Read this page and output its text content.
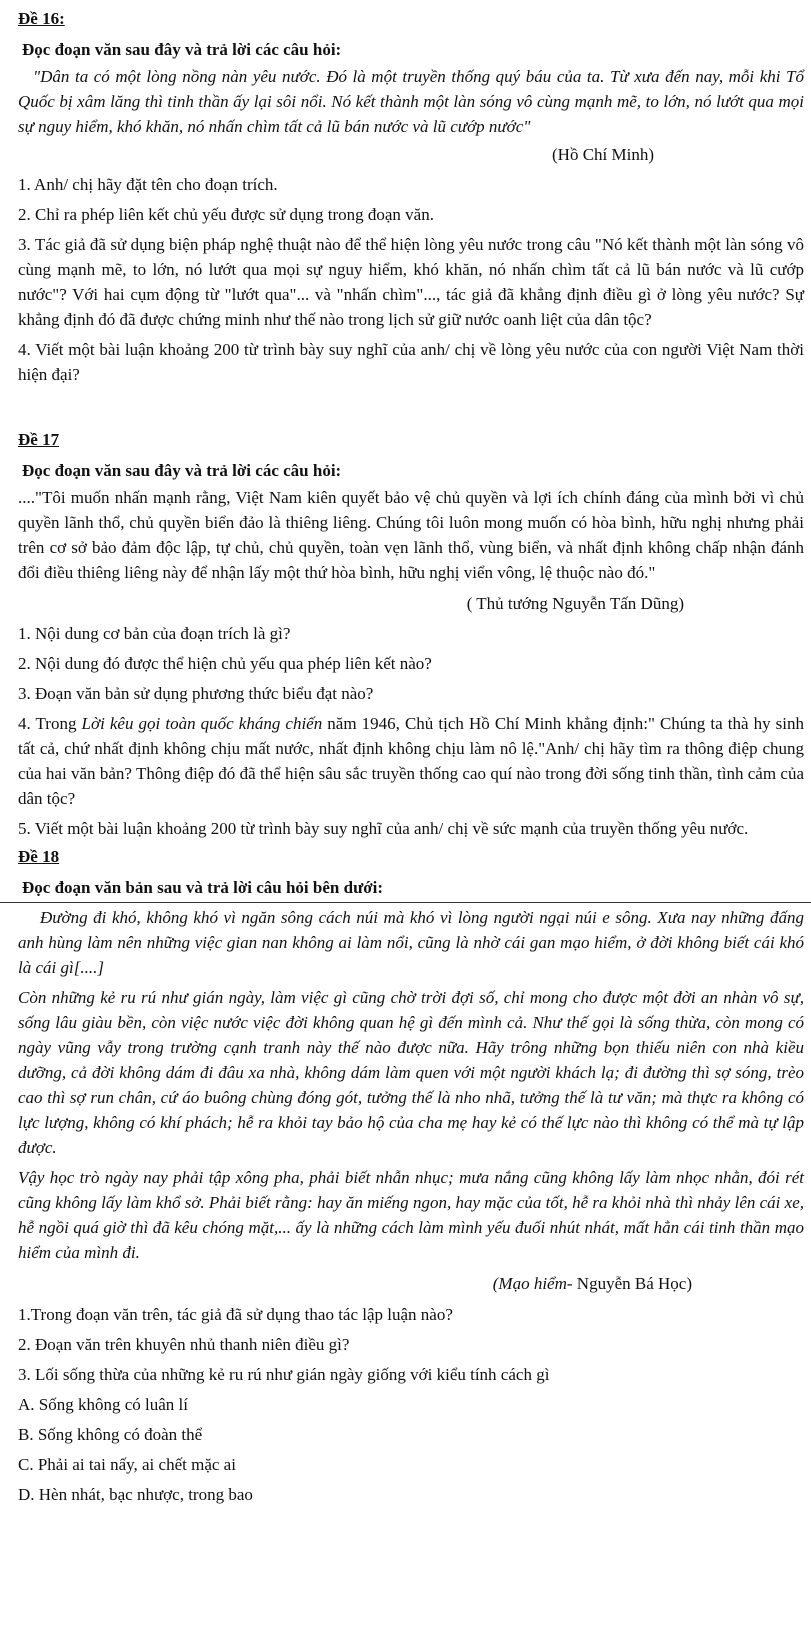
Đề 16:

Đọc đoạn văn sau đây và trả lời các câu hỏi:

"Dân ta có một lòng nồng nàn yêu nước. Đó là một truyền thống quý báu của ta. Từ xưa đến nay, mỗi khi Tổ Quốc bị xâm lăng thì tinh thần ấy lại sôi nổi. Nó kết thành một làn sóng vô cùng mạnh mẽ, to lớn, nó lướt qua mọi sự nguy hiểm, khó khăn, nó nhấn chìm tất cả lũ bán nước và lũ cướp nước"

(Hồ Chí Minh)

1. Anh/ chị hãy đặt tên cho đoạn trích.

2. Chỉ ra phép liên kết chủ yếu được sử dụng trong đoạn văn.

3. Tác giả đã sử dụng biện pháp nghệ thuật nào để thể hiện lòng yêu nước trong câu "Nó kết thành một làn sóng vô cùng mạnh mẽ, to lớn, nó lướt qua mọi sự nguy hiểm, khó khăn, nó nhấn chìm tất cả lũ bán nước và lũ cướp nước"? Với hai cụm động từ "lướt qua"... và "nhấn chìm"..., tác giả đã khẳng định điều gì ở lòng yêu nước? Sự khẳng định đó đã được chứng minh như thế nào trong lịch sử giữ nước oanh liệt của dân tộc?

4. Viết một bài luận khoảng 200 từ trình bày suy nghĩ của anh/ chị về lòng yêu nước của con người Việt Nam thời hiện đại?

Đề 17

Đọc đoạn văn sau đây và trả lời các câu hỏi:

...."Tôi muốn nhấn mạnh rằng, Việt Nam kiên quyết bảo vệ chủ quyền và lợi ích chính đáng của mình bởi vì chủ quyền lãnh thổ, chủ quyền biển đảo là thiêng liêng. Chúng tôi luôn mong muốn có hòa bình, hữu nghị nhưng phải trên cơ sở bảo đảm độc lập, tự chủ, chủ quyền, toàn vẹn lãnh thổ, vùng biển, và nhất định không chấp nhận đánh đổi điều thiêng liêng này để nhận lấy một thứ hòa bình, hữu nghị viển vông, lệ thuộc nào đó."

( Thủ tướng Nguyễn Tấn Dũng)

1. Nội dung cơ bản của đoạn trích là gì?

2. Nội dung đó được thể hiện chủ yếu qua phép liên kết nào?

3. Đoạn văn bản sử dụng phương thức biểu đạt nào?

4. Trong Lời kêu gọi toàn quốc kháng chiến năm 1946, Chủ tịch Hồ Chí Minh khẳng định:" Chúng ta thà hy sinh tất cả, chứ nhất định không chịu mất nước, nhất định không chịu làm nô lệ."Anh/ chị hãy tìm ra thông điệp chung của hai văn bản? Thông điệp đó đã thể hiện sâu sắc truyền thống cao quí nào trong đời sống tinh thần, tình cảm của dân tộc?

5. Viết một bài luận khoảng 200 từ trình bày suy nghĩ của anh/ chị về sức mạnh của truyền thống yêu nước.

Đề 18

Đọc đoạn văn bản sau và trả lời câu hỏi bên dưới:

Đường đi khó, không khó vì ngăn sông cách núi mà khó vì lòng người ngại núi e sông. Xưa nay những đấng anh hùng làm nên những việc gian nan không ai làm nổi, cũng là nhờ cái gan mạo hiểm, ở đời không biết cái khó là cái gì[....]

Còn những kẻ ru rú như gián ngày, làm việc gì cũng chờ trời đợi số, chỉ mong cho được một đời an nhàn vô sự, sống lâu giàu bền, còn việc nước việc đời không quan hệ gì đến mình cả. Như thế gọi là sống thừa, còn mong có ngày vũng vẫy trong trường cạnh tranh này thế nào được nữa. Hãy trông những bọn thiếu niên con nhà kiều dưỡng, cả đời không dám đi đâu xa nhà, không dám làm quen với một người khách lạ; đi đường thì sợ sóng, trèo cao thì sợ run chân, cứ áo buông chùng đóng gót, tưởng thế là nho nhã, tưởng thế là tư văn; mà thực ra không có lực lượng, không có khí phách; hễ ra khỏi tay bảo hộ của cha mẹ hay kẻ có thế lực nào thì không có thể mà tự lập được.

Vậy học trò ngày nay phải tập xông pha, phải biết nhẫn nhục; mưa nắng cũng không lấy làm nhọc nhằn, đói rét cũng không lấy làm khổ sở. Phải biết rằng: hay ăn miếng ngon, hay mặc của tốt, hễ ra khỏi nhà thì nhảy lên cái xe, hễ ngồi quá giờ thì đã kêu chóng mặt,... ấy là những cách làm mình yếu đuối nhút nhát, mất hẳn cái tinh thần mạo hiểm của mình đi.

(Mạo hiểm- Nguyễn Bá Học)

1.Trong đoạn văn trên, tác giả đã sử dụng thao tác lập luận nào?

2. Đoạn văn trên khuyên nhủ thanh niên điều gì?

3. Lối sống thừa của những kẻ ru rú như gián ngày giống với kiểu tính cách gì

A. Sống không có luân lí

B. Sống không có đoàn thể

C. Phải ai tai nấy, ai chết mặc ai

D. Hèn nhát, bạc nhược, trong bao
